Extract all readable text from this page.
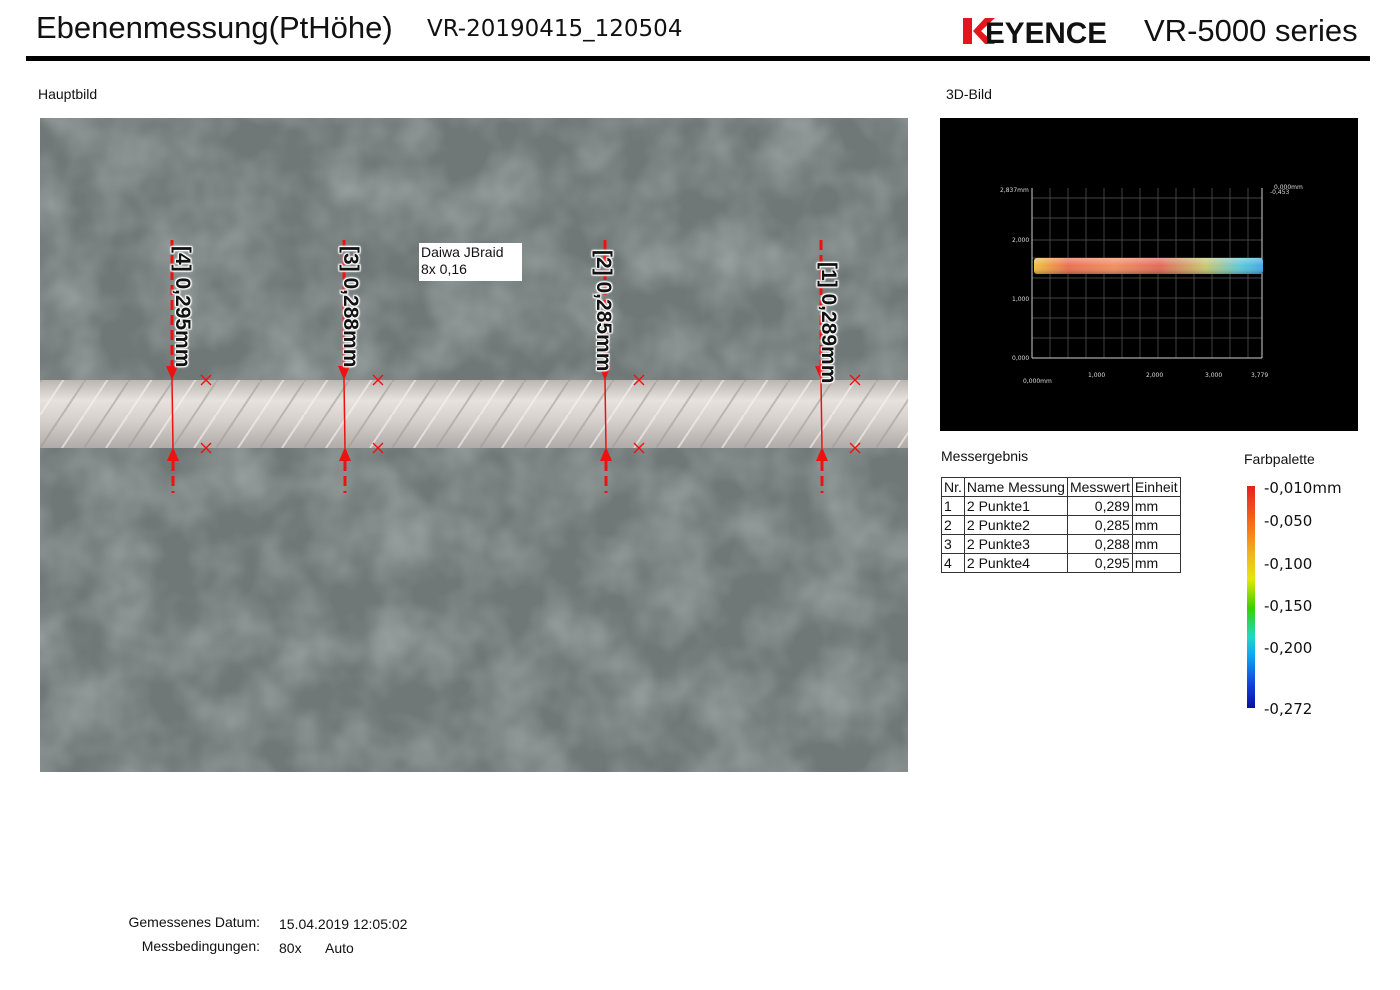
Ebenenmessung(PtHöhe) VR-20190415_120504	EYENCE VR-5000 series
Hauptbild	3D-Bild
Daiwa JBraid
8x 0,16
[4] 0,295mm	[3] 0,288mm	[2] 0,285mm	[1] 0,289mm
2,837mm
2,000
1,000
0,000
0,000mm
1,000	2,000	3,000	3,779
0,000mm
-0,453
Messergebnis
Nr.	Name Messung	Messwert	Einheit
1	2 Punkte1	0,289	mm
2	2 Punkte2	0,285	mm
3	2 Punkte3	0,288	mm
4	2 Punkte4	0,295	mm
Farbpalette
-0,010mm
-0,050
-0,100
-0,150
-0,200
-0,272
Gemessenes Datum: 15.04.2019 12:05:02
Messbedingungen: 80x Auto
